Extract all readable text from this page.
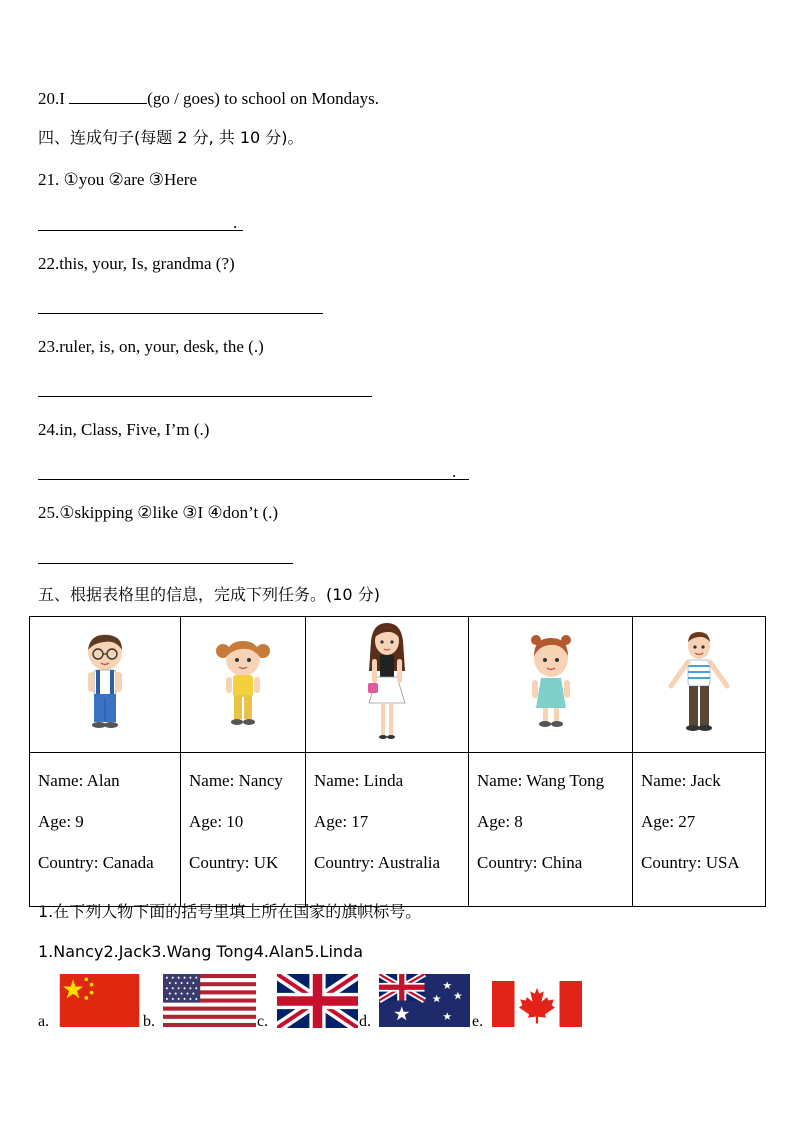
20.I	(go / goes) to school on Mondays.
四、连成句子(每题 2 分, 共 10 分)。
21. ①you ②are ③Here
.
22.this, your, Is, grandma (?)
23.ruler, is, on, your, desk, the (.)
24.in, Class, Five, I’m (.)
.
25.①skipping ②like ③I ④don’t (.)
五、根据表格里的信息，完成下列任务。(10 分)

Name: Alan
Age: 9
Country: Canada	Name: Nancy
Age: 10
Country: UK	Name: Linda
Age: 17
Country: Australia	Name: Wang Tong
Age: 8
Country: China	Name: Jack
Age: 27
Country: USA
1.在下列人物下面的括号里填上所在国家的旗帜标号。
1.Nancy2.Jack3.Wang Tong4.Alan5.Linda
a.	b.	c.	d.	e.
